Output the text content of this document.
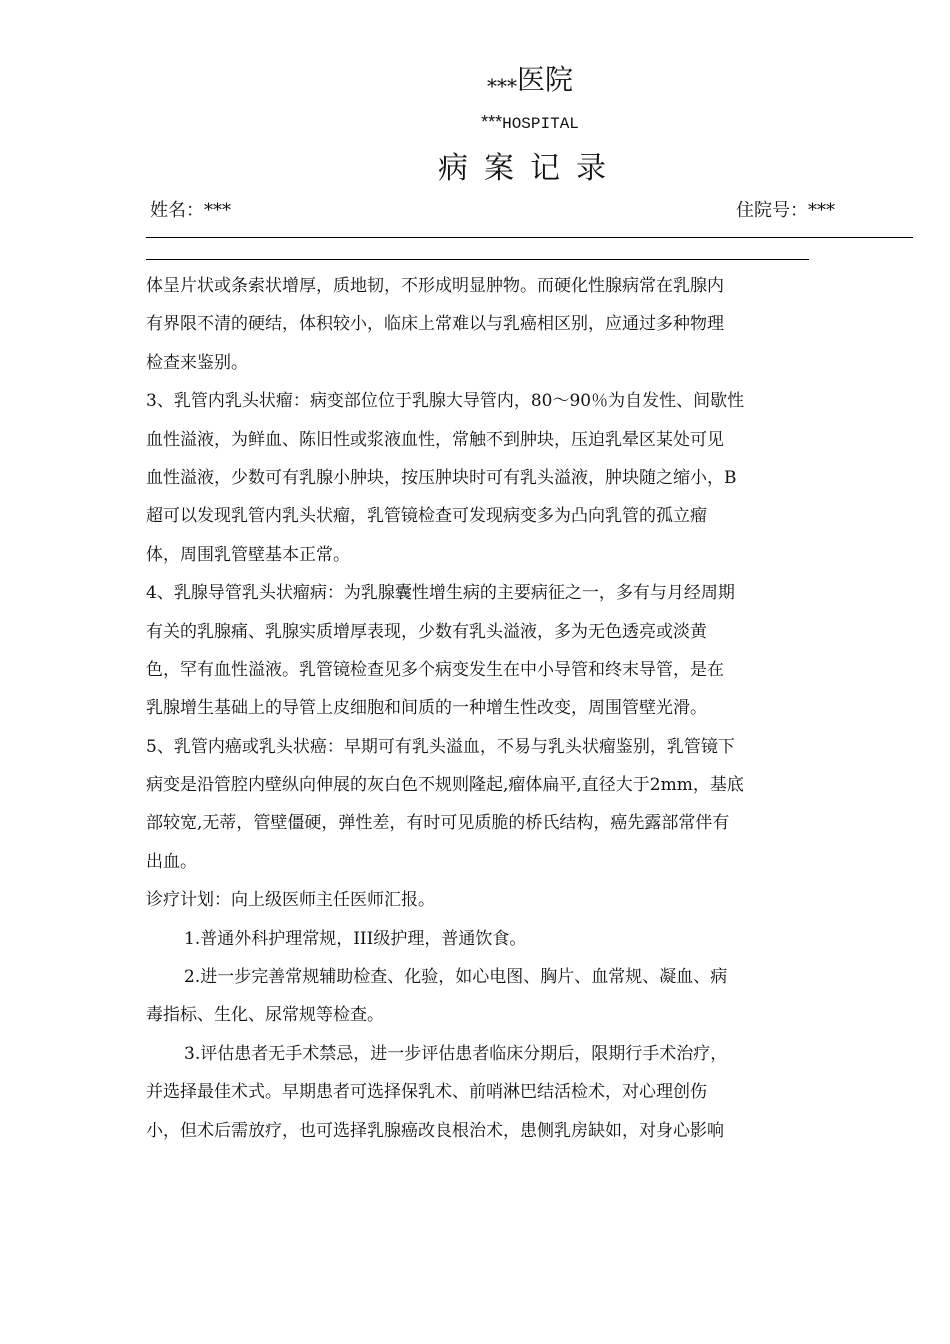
***医院
***HOSPITAL
病案记录
姓名：***	住院号：***
体呈片状或条索状增厚，质地韧，不形成明显肿物。而硬化性腺病常在乳腺内
有界限不清的硬结，体积较小，临床上常难以与乳癌相区别，应通过多种物理
检查来鉴别。
3、乳管内乳头状瘤：病变部位位于乳腺大导管内，80～90％为自发性、间歇性
血性溢液，为鲜血、陈旧性或浆液血性，常触不到肿块，压迫乳晕区某处可见
血性溢液，少数可有乳腺小肿块，按压肿块时可有乳头溢液，肿块随之缩小，B
超可以发现乳管内乳头状瘤，乳管镜检查可发现病变多为凸向乳管的孤立瘤
体，周围乳管壁基本正常。
4、乳腺导管乳头状瘤病：为乳腺囊性增生病的主要病征之一，多有与月经周期
有关的乳腺痛、乳腺实质增厚表现，少数有乳头溢液，多为无色透亮或淡黄
色，罕有血性溢液。乳管镜检查见多个病变发生在中小导管和终末导管，是在
乳腺增生基础上的导管上皮细胞和间质的一种增生性改变，周围管壁光滑。
5、乳管内癌或乳头状癌：早期可有乳头溢血，不易与乳头状瘤鉴别，乳管镜下
病变是沿管腔内壁纵向伸展的灰白色不规则隆起,瘤体扁平,直径大于2mm，基底
部较宽,无蒂，管壁僵硬，弹性差，有时可见质脆的桥氏结构，癌先露部常伴有
出血。
诊疗计划：向上级医师主任医师汇报。
1.普通外科护理常规，III级护理，普通饮食。
2.进一步完善常规辅助检查、化验，如心电图、胸片、血常规、凝血、病
毒指标、生化、尿常规等检查。
3.评估患者无手术禁忌，进一步评估患者临床分期后，限期行手术治疗，
并选择最佳术式。早期患者可选择保乳术、前哨淋巴结活检术，对心理创伤
小，但术后需放疗，也可选择乳腺癌改良根治术，患侧乳房缺如，对身心影响
